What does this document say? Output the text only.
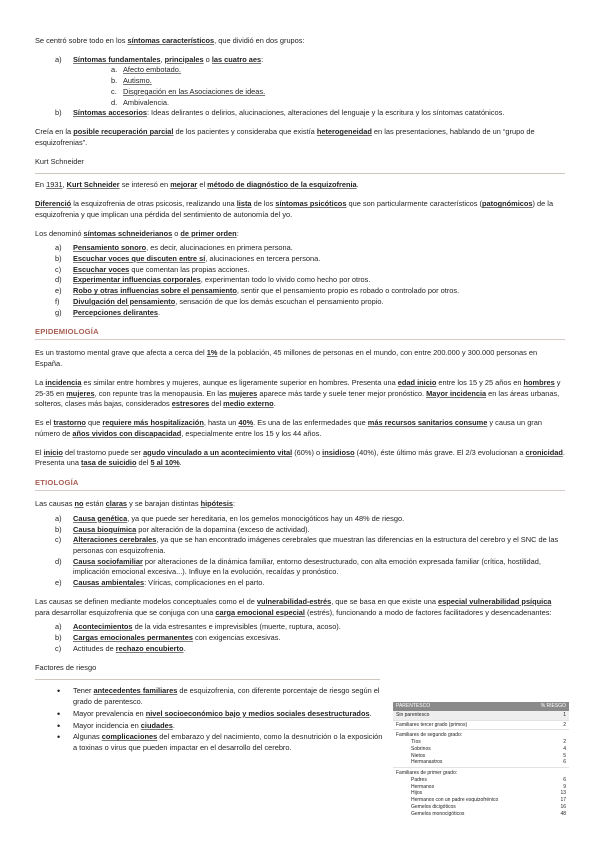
Se centró sobre todo en los síntomas característicos, que dividió en dos grupos:

a) Síntomas fundamentales, principales o las cuatro aes:
a. Afecto embotado.
b. Autismo.
c. Disgregación en las Asociaciones de ideas.
d. Ambivalencia.
b) Síntomas accesorios: Ideas delirantes o delirios, alucinaciones, alteraciones del lenguaje y la escritura y los síntomas catatónicos.

Creía en la posible recuperación parcial de los pacientes y consideraba que existía heterogeneidad en las presentaciones, hablando de un “grupo de esquizofrenias”.

Kurt Schneider

En 1931, Kurt Schneider se interesó en mejorar el método de diagnóstico de la esquizofrenia.

Diferenció la esquizofrenia de otras psicosis, realizando una lista de los síntomas psicóticos que son particularmente característicos (patognómicos) de la esquizofrenia y que implican una pérdida del sentimiento de autonomía del yo.

Los denominó síntomas schneiderianos o de primer orden:

a) Pensamiento sonoro, es decir, alucinaciones en primera persona.
b) Escuchar voces que discuten entre sí, alucinaciones en tercera persona.
c) Escuchar voces que comentan las propias acciones.
d) Experimentar influencias corporales, experimentan todo lo vivido como hecho por otros.
e) Robo y otras influencias sobre el pensamiento, sentir que el pensamiento propio es robado o controlado por otros.
f) Divulgación del pensamiento, sensación de que los demás escuchan el pensamiento propio.
g) Percepciones delirantes.
EPIDEMIOLOGÍA

Es un trastorno mental grave que afecta a cerca del 1% de la población, 45 millones de personas en el mundo, con entre 200.000 y 300.000 personas en España.

La incidencia es similar entre hombres y mujeres, aunque es ligeramente superior en hombres. Presenta una edad inicio entre los 15 y 25 años en hombres y 25-35 en mujeres, con repunte tras la menopausia. En las mujeres aparece más tarde y suele tener mejor pronóstico. Mayor incidencia en las áreas urbanas, solteros, clases más bajas, considerados estresores del medio externo.

Es el trastorno que requiere más hospitalización, hasta un 40%. Es una de las enfermedades que más recursos sanitarios consume y causa un gran número de años vividos con discapacidad, especialmente entre los 15 y los 44 años.

El inicio del trastorno puede ser agudo vinculado a un acontecimiento vital (60%) o insidioso (40%), éste último más grave. El 2/3 evolucionan a cronicidad. Presenta una tasa de suicidio del 5 al 10%.

ETIOLOGÍA

Las causas no están claras y se barajan distintas hipótesis:

a) Causa genética, ya que puede ser hereditaria, en los gemelos monocigóticos hay un 48% de riesgo.
b) Causa bioquímica por alteración de la dopamina (exceso de actividad).
c) Alteraciones cerebrales, ya que se han encontrado imágenes cerebrales que muestran las diferencias en la estructura del cerebro y el SNC de las personas con esquizofrenia.
d) Causa sociofamiliar por alteraciones de la dinámica familiar, entorno desestructurado, con alta emoción expresada familiar (crítica, hostilidad, implicación emocional excesiva...). Influye en la evolución, recaídas y pronóstico.
e) Causas ambientales: Víricas, complicaciones en el parto.

Las causas se definen mediante modelos conceptuales como el de vulnerabilidad-estrés, que se basa en que existe una especial vulnerabilidad psíquica para desarrollar esquizofrenia que se conjuga con una carga emocional especial (estrés), funcionando a modo de factores facilitadores y desencadenantes:

a) Acontecimientos de la vida estresantes e imprevisibles (muerte, ruptura, acoso).
b) Cargas emocionales permanentes con exigencias excesivas.
c) Actitudes de rechazo encubierto.
Factores de riesgo
• Tener antecedentes familiares de esquizofrenia, con diferente porcentaje de riesgo según el grado de parentesco.
• Mayor prevalencia en nivel socioeconómico bajo y medios sociales desestructurados.
• Mayor incidencia en ciudades.
• Algunas complicaciones del embarazo y del nacimiento, como la desnutrición o la exposición a toxinas o virus que pueden impactar en el desarrollo del cerebro.
PARENTESCO	% RIESGO
Sin parentesco	1
Familiares tercer grado (primos)	2
Familiares de segundo grado:
Tíos	2
Sobrinos	4
Nietos	5
Hermanastros	6
Familiares de primer grado:
Padres	6
Hermanos	9
Hijos	13
Hermanos con un padre esquizofrénico	17
Gemelos dicigóticos	16
Gemelos monocigóticos	48
